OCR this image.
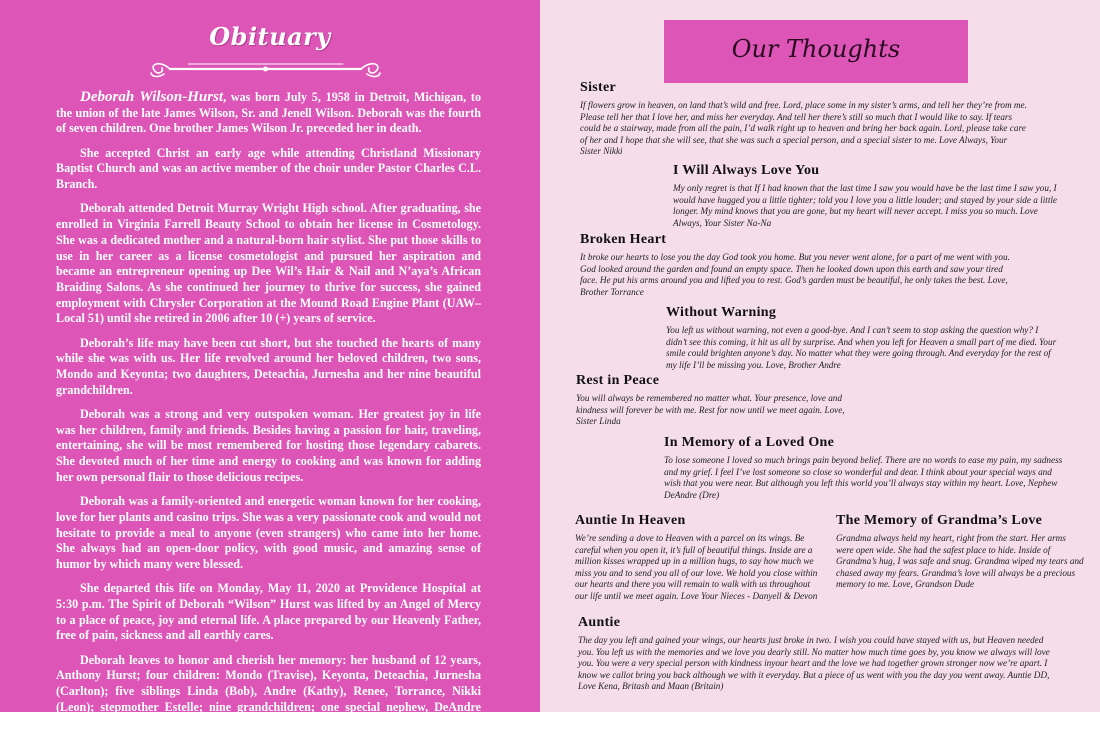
Obituary

Deborah Wilson-Hurst, was born July 5, 1958 in Detroit, Michigan, to the union of the late James Wilson, Sr. and Jenell Wilson. Deborah was the fourth of seven children. One brother James Wilson Jr. preceded her in death.

She accepted Christ an early age while attending Christland Missionary Baptist Church and was an active member of the choir under Pastor Charles C.L. Branch.

Deborah attended Detroit Murray Wright High school. After graduating, she enrolled in Virginia Farrell Beauty School to obtain her license in Cosmetology. She was a dedicated mother and a natural-born hair stylist. She put those skills to use in her career as a license cosmetologist and pursued her aspiration and became an entrepreneur opening up Dee Wil’s Hair & Nail and N’aya’s African Braiding Salons. As she continued her journey to thrive for success, she gained employment with Chrysler Corporation at the Mound Road Engine Plant (UAW–Local 51) until she retired in 2006 after 10 (+) years of service.

Deborah’s life may have been cut short, but she touched the hearts of many while she was with us. Her life revolved around her beloved children, two sons, Mondo and Keyonta; two daughters, Deteachia, Jurnesha and her nine beautiful grandchildren.

Deborah was a strong and very outspoken woman. Her greatest joy in life was her children, family and friends. Besides having a passion for hair, traveling, entertaining, she will be most remembered for hosting those legendary cabarets. She devoted much of her time and energy to cooking and was known for adding her own personal flair to those delicious recipes.

Deborah was a family-oriented and energetic woman known for her cooking, love for her plants and casino trips. She was a very passionate cook and would not hesitate to provide a meal to anyone (even strangers) who came into her home. She always had an open-door policy, with good music, and amazing sense of humor by which many were blessed.

She departed this life on Monday, May 11, 2020 at Providence Hospital at 5:30 p.m. The Spirit of Deborah “Wilson” Hurst was lifted by an Angel of Mercy to a place of peace, joy and eternal life. A place prepared by our Heavenly Father, free of pain, sickness and all earthly cares.

Deborah leaves to honor and cherish her memory: her husband of 12 years, Anthony Hurst; four children: Mondo (Travise), Keyonta, Deteachia, Jurnesha (Carlton); five siblings Linda (Bob), Andre (Kathy), Renee, Torrance, Nikki (Leon); stepmother Estelle; nine grandchildren; one special nephew, DeAndre “Dee” Herron and special grandson, Julius Wilson; a host of nieces, nephews, relatives and friends.

Our Thoughts
Sister
If flowers grow in heaven, on land that’s wild and free. Lord, place some in my sister’s arms, and tell her they’re from me. Please tell her that I love her, and miss her everyday. And tell her there’s still so much that I would like to say. If tears could be a stairway, made from all the pain, I’d walk right up to heaven and bring her back again. Lord, please take care of her and I hope that she will see, that she was such a special person, and a special sister to me. Love Always, Your Sister Nikki
I Will Always Love You
My only regret is that If I had known that the last time I saw you would have be the last time I saw you, I would have hugged you a little tighter; told you I love you a little louder; and stayed by your side a little longer. My mind knows that you are gone, but my heart will never accept. I miss you so much. Love Always, Your Sister Na-Na
Broken Heart
It broke our hearts to lose you the day God took you home. But you never went alone, for a part of me went with you. God looked around the garden and found an empty space. Then he looked down upon this earth and saw your tired face. He put his arms around you and lifted you to rest. God’s garden must be beautiful, he only takes the best. Love, Brother Torrance
Without Warning
You left us without warning, not even a good-bye. And I can’t seem to stop asking the question why? I didn’t see this coming, it hit us all by surprise. And when you left for Heaven a small part of me died. Your smile could brighten anyone’s day. No matter what they were going through. And everyday for the rest of my life I’ll be missing you. Love, Brother Andre
Rest in Peace
You will always be remembered no matter what. Your presence, love and kindness will forever be with me. Rest for now until we meet again. Love, Sister Linda
In Memory of a Loved One
To lose someone I loved so much brings pain beyond belief. There are no words to ease my pain, my sadness and my grief. I feel I’ve lost someone so close so wonderful and dear. I think about your special ways and wish that you were near. But although you left this world you’ll always stay within my heart. Love, Nephew DeAndre (Dre)
Auntie In Heaven
We’re sending a dove to Heaven with a parcel on its wings. Be careful when you open it, it’s full of beautiful things. Inside are a million kisses wrapped up in a million hugs, to say how much we miss you and to send you all of our love. We hold you close within our hearts and there you will remain to walk with us throughout our life until we meet again. Love Your Nieces - Danyell & Devon
The Memory of Grandma’s Love
Grandma always held my heart, right from the start. Her arms were open wide. She had the safest place to hide. Inside of Grandma’s hug, I was safe and snug. Grandma wiped my tears and chased away my fears. Grandma’s love will always be a precious memory to me. Love, Grandson Dude
Auntie
The day you left and gained your wings, our hearts just broke in two. I wish you could have stayed with us, but Heaven needed you. You left us with the memories and we love you dearly still. No matter how much time goes by, you know we always will love you. You were a very special person with kindness inyour heart and the love we had together grown stronger now we’re apart. I know we callot bring you back although we with it everyday. But a piece of us went with you the day you went away. Auntie DD, Love Kena, Britash and Maan (Britain)
